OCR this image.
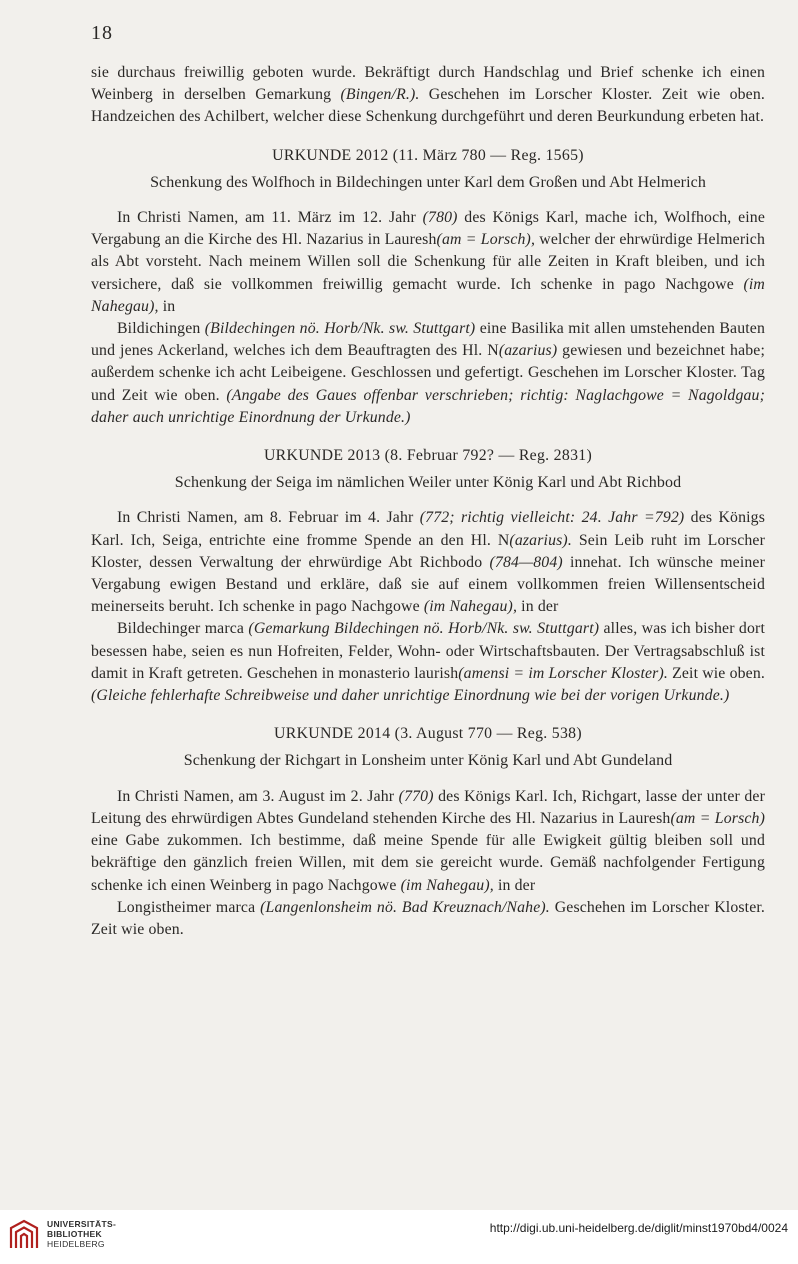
18

sie durchaus freiwillig geboten wurde. Bekräftigt durch Handschlag und Brief schenke ich einen Weinberg in derselben Gemarkung (Bingen/R.). Geschehen im Lorscher Kloster. Zeit wie oben. Handzeichen des Achilbert, welcher diese Schenkung durchgeführt und deren Beurkundung erbeten hat.

URKUNDE 2012 (11. März 780 — Reg. 1565)

Schenkung des Wolfhoch in Bildechingen unter Karl dem Großen und Abt Helmerich

In Christi Namen, am 11. März im 12. Jahr (780) des Königs Karl, mache ich, Wolfhoch, eine Vergabung an die Kirche des Hl. Nazarius in Lauresh(am = Lorsch), welcher der ehrwürdige Helmerich als Abt vorsteht. Nach meinem Willen soll die Schenkung für alle Zeiten in Kraft bleiben, und ich versichere, daß sie vollkommen freiwillig gemacht wurde. Ich schenke in pago Nachgowe (im Nahegau), in

Bildichingen (Bildechingen nö. Horb/Nk. sw. Stuttgart) eine Basilika mit allen umstehenden Bauten und jenes Ackerland, welches ich dem Beauftragten des Hl. N(azarius) gewiesen und bezeichnet habe; außerdem schenke ich acht Leibeigene. Geschlossen und gefertigt. Geschehen im Lorscher Kloster. Tag und Zeit wie oben. (Angabe des Gaues offenbar verschrieben; richtig: Naglachgowe = Nagoldgau; daher auch unrichtige Einordnung der Urkunde.)

URKUNDE 2013 (8. Februar 792? — Reg. 2831)

Schenkung der Seiga im nämlichen Weiler unter König Karl und Abt Richbod

In Christi Namen, am 8. Februar im 4. Jahr (772; richtig vielleicht: 24. Jahr =792) des Königs Karl. Ich, Seiga, entrichte eine fromme Spende an den Hl. N(azarius). Sein Leib ruht im Lorscher Kloster, dessen Verwaltung der ehrwürdige Abt Richbodo (784—804) innehat. Ich wünsche meiner Vergabung ewigen Bestand und erkläre, daß sie auf einem vollkommen freien Willensentscheid meinerseits beruht. Ich schenke in pago Nachgowe (im Nahegau), in der

Bildechinger marca (Gemarkung Bildechingen nö. Horb/Nk. sw. Stuttgart) alles, was ich bisher dort besessen habe, seien es nun Hofreiten, Felder, Wohn- oder Wirtschaftsbauten. Der Vertragsabschluß ist damit in Kraft getreten. Geschehen in monasterio laurish(amensi = im Lorscher Kloster). Zeit wie oben. (Gleiche fehlerhafte Schreibweise und daher unrichtige Einordnung wie bei der vorigen Urkunde.)

URKUNDE 2014 (3. August 770 — Reg. 538)

Schenkung der Richgart in Lonsheim unter König Karl und Abt Gundeland

In Christi Namen, am 3. August im 2. Jahr (770) des Königs Karl. Ich, Richgart, lasse der unter der Leitung des ehrwürdigen Abtes Gundeland stehenden Kirche des Hl. Nazarius in Lauresh(am = Lorsch) eine Gabe zukommen. Ich bestimme, daß meine Spende für alle Ewigkeit gültig bleiben soll und bekräftige den gänzlich freien Willen, mit dem sie gereicht wurde. Gemäß nachfolgender Fertigung schenke ich einen Weinberg in pago Nachgowe (im Nahegau), in der

Longistheimer marca (Langenlonsheim nö. Bad Kreuznach/Nahe). Geschehen im Lorscher Kloster. Zeit wie oben.

UNIVERSITÄTS-
BIBLIOTHEK
HEIDELBERG
http://digi.ub.uni-heidelberg.de/diglit/minst1970bd4/0024
